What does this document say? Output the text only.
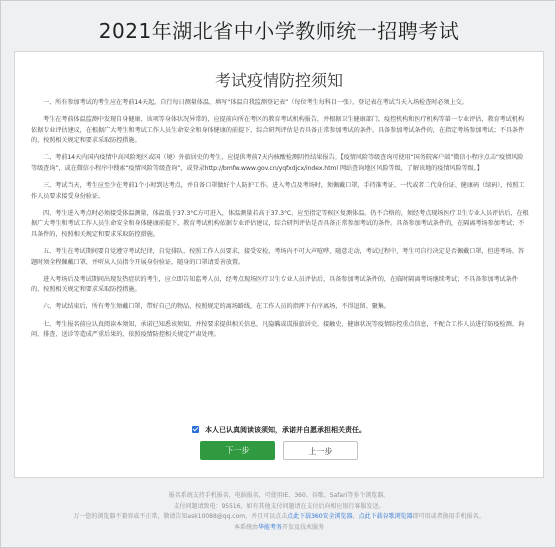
2021年湖北省中小学教师统一招聘考试
考试疫情防控须知

一、所有参加考试的考生应在考前14天起，自行每日测量体温，填写“体温自我监测登记表”（每位考生每科目一张），登记表在考试当天入场检查时必须上交。

考生在考前体温监测中发现自身健康、该项等身体状况异常的，应提前向所在考区的教育考试机构报告，并根据卫生健康部门、疫控机构和医疗机构等第一专业评估，教育考试机构依据专业评估建议，在根据广大考生和考试工作人员生命安全和身体健康的前提下，综合研判评估是否具备正常参加考试的条件。具备参加考试条件的，在指定考场参加考试；不具条件的，按照相关规定和要求采取防控措施。

二、考前14天内国内疫情中高风险地区或国（境）外旅居史的考生，应提供考前7天内核酸检测阴性结果报告。【疫情风险等级查询可使用“国务院客户端”微信小程序点击“疫情风险等级查询”，或在微信小程序中搜索“疫情风险等级查询”，或登录http://bmfw.www.gov.cn/yqfxdjcx/index.html 网站查询地区风险等级，了解该地的疫情风险等级。】

三、考试当天，考生应至少在考前1个小时到达考点，并自备口罩做好个人防护工作。进入考点及考场时，须佩戴口罩，手持准考证、一代或者二代身份证、健康码（绿码），按照工作人员要求接受身份验证。

四、考生进入考点时必须接受体温测量，体温低于37.3°C方可进入，体温测量若高于37.3°C，应至指定等候区复测体温。仍不合格的，须经考点现场医疗卫生专业人员评估后，在根据广大考生和考试工作人员生命安全和身体健康前提下，教育考试机构依据专业评估建议，综合研判评估是否具备正常参加考试的条件。具备参加考试条件的，在隔离考场参加考试；不具条件的，按照相关规定和要求采取防控措施。

五、考生在考试期间要自觉遵守考试纪律，自觉排队、按照工作人员要求，接受安检，考场内不可大声喧哗，随意走动，考试过程中，考生可自行决定是否佩戴口罩，但进考场、答题时须全程佩戴口罩，并听从人员指令开展身份验证，随身的口罩请妥善放置。

进入考场后及考试期间出现发热症状的考生，应立即告知监考人员，经考点现场医疗卫生专业人员评估后，具备参加考试条件的，在临时隔离考场继续考试；不具备参加考试条件的，按照相关规定和要求采取防控措施。

六、考试结束后，所有考生须戴口罩，带好自己的物品，按照规定的离场路线，在工作人员的指挥下有序离场，不得逗留、聚集。

七、考生报名前应认真阅读本须知，承诺已知悉该须知，并按要求提供相关信息，凡隐瞒或谎报旅居史、接触史、健康状况等疫情防控重点信息，不配合工作人员进行防疫检测、询问、排查、送诊等造成严重后果的，依照疫情防控相关规定严肃处理。

本人已认真阅读该须知，承诺并自愿承担相关责任。
下一步	上一步
报名系统支持手机报名，电脑报名，可使用IE、360、谷歌、Safari等多个浏览器。
支付问题请致电：95516，如有其他支付问题请在支付后向相应银行客服发送。
万一您的浏览器不兼容或不正常，敬请告知ask10088@qq.com，并且可以点击点此下载360安全浏览器，点此下载谷歌浏览器即可用或者换用手机报名。
本系统由华能考务开发及技术服务
